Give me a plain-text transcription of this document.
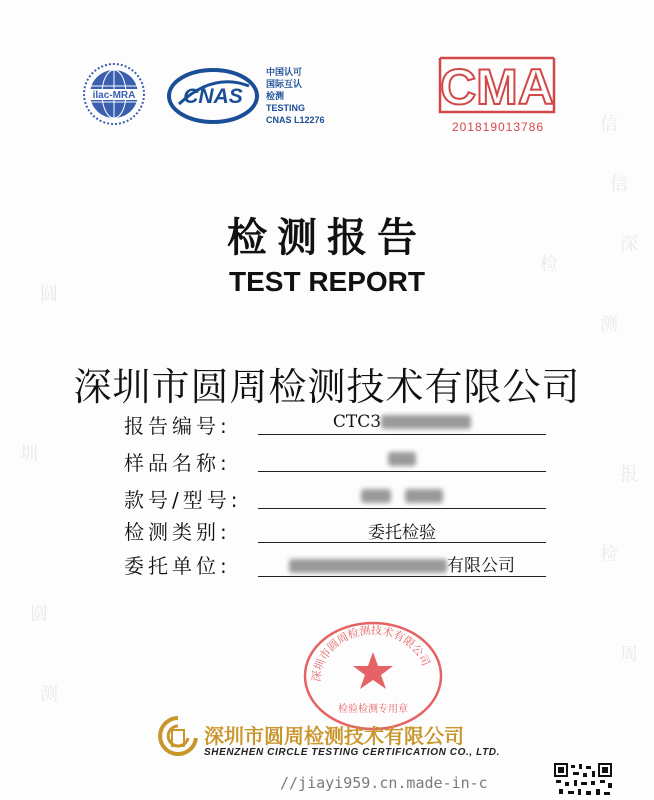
信
信
深
圆
检
测
圳
报
检
圆
周
测
ilac-MRA CNAS
中国认可
国际互认
检测
TESTING
CNAS L12276
CMA
201819013786
检测报告
TEST REPORT
深圳市圆周检测技术有限公司
报告编号:	CTC3
样品名称:
款号/型号:

检测类别:	委托检验
委托单位:	有限公司
深圳市圆周检测技术有限公司
检验检测专用章
深圳市圆周检测技术有限公司
SHENZHEN CIRCLE TESTING CERTIFICATION CO., LTD.
//jiayi959.cn.made-in-c
